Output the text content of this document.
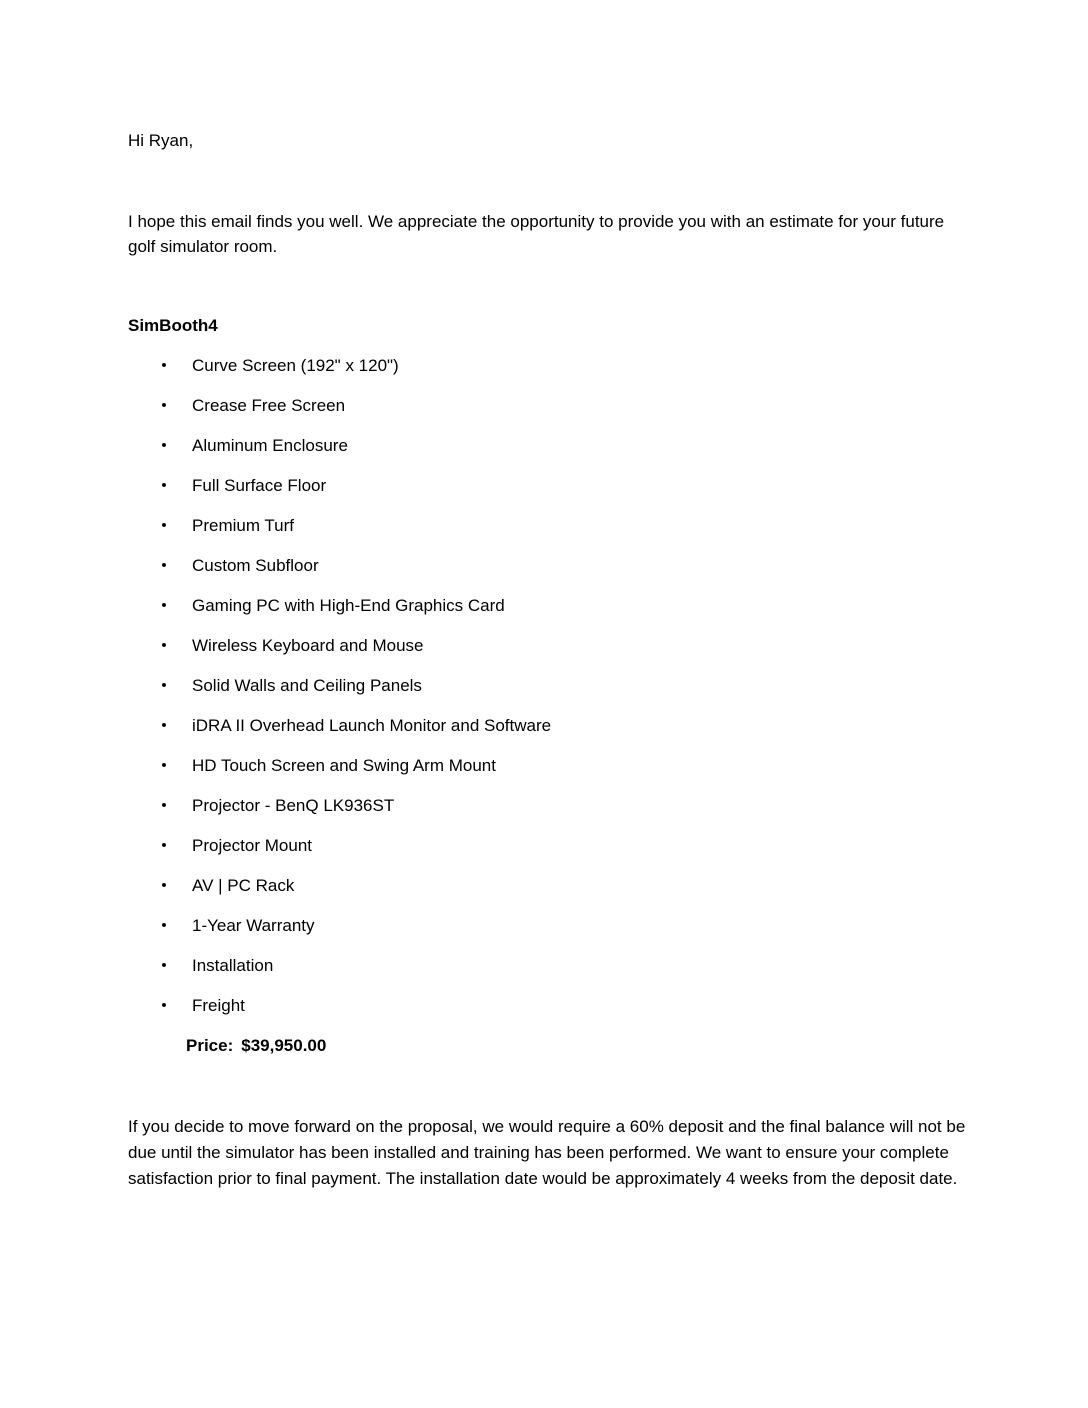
Hi Ryan,

I hope this email finds you well. We appreciate the opportunity to provide you with an estimate for your future golf simulator room.

SimBooth4

• Curve Screen (192" x 120")
• Crease Free Screen
• Aluminum Enclosure
• Full Surface Floor
• Premium Turf
• Custom Subfloor
• Gaming PC with High-End Graphics Card
• Wireless Keyboard and Mouse
• Solid Walls and Ceiling Panels
• iDRA II Overhead Launch Monitor and Software
• HD Touch Screen and Swing Arm Mount
• Projector - BenQ LK936ST
• Projector Mount
• AV | PC Rack
• 1-Year Warranty
• Installation
• Freight

Price: $39,950.00

If you decide to move forward on the proposal, we would require a 60% deposit and the final balance will not be due until the simulator has been installed and training has been performed. We want to ensure your complete satisfaction prior to final payment. The installation date would be approximately 4 weeks from the deposit date.
